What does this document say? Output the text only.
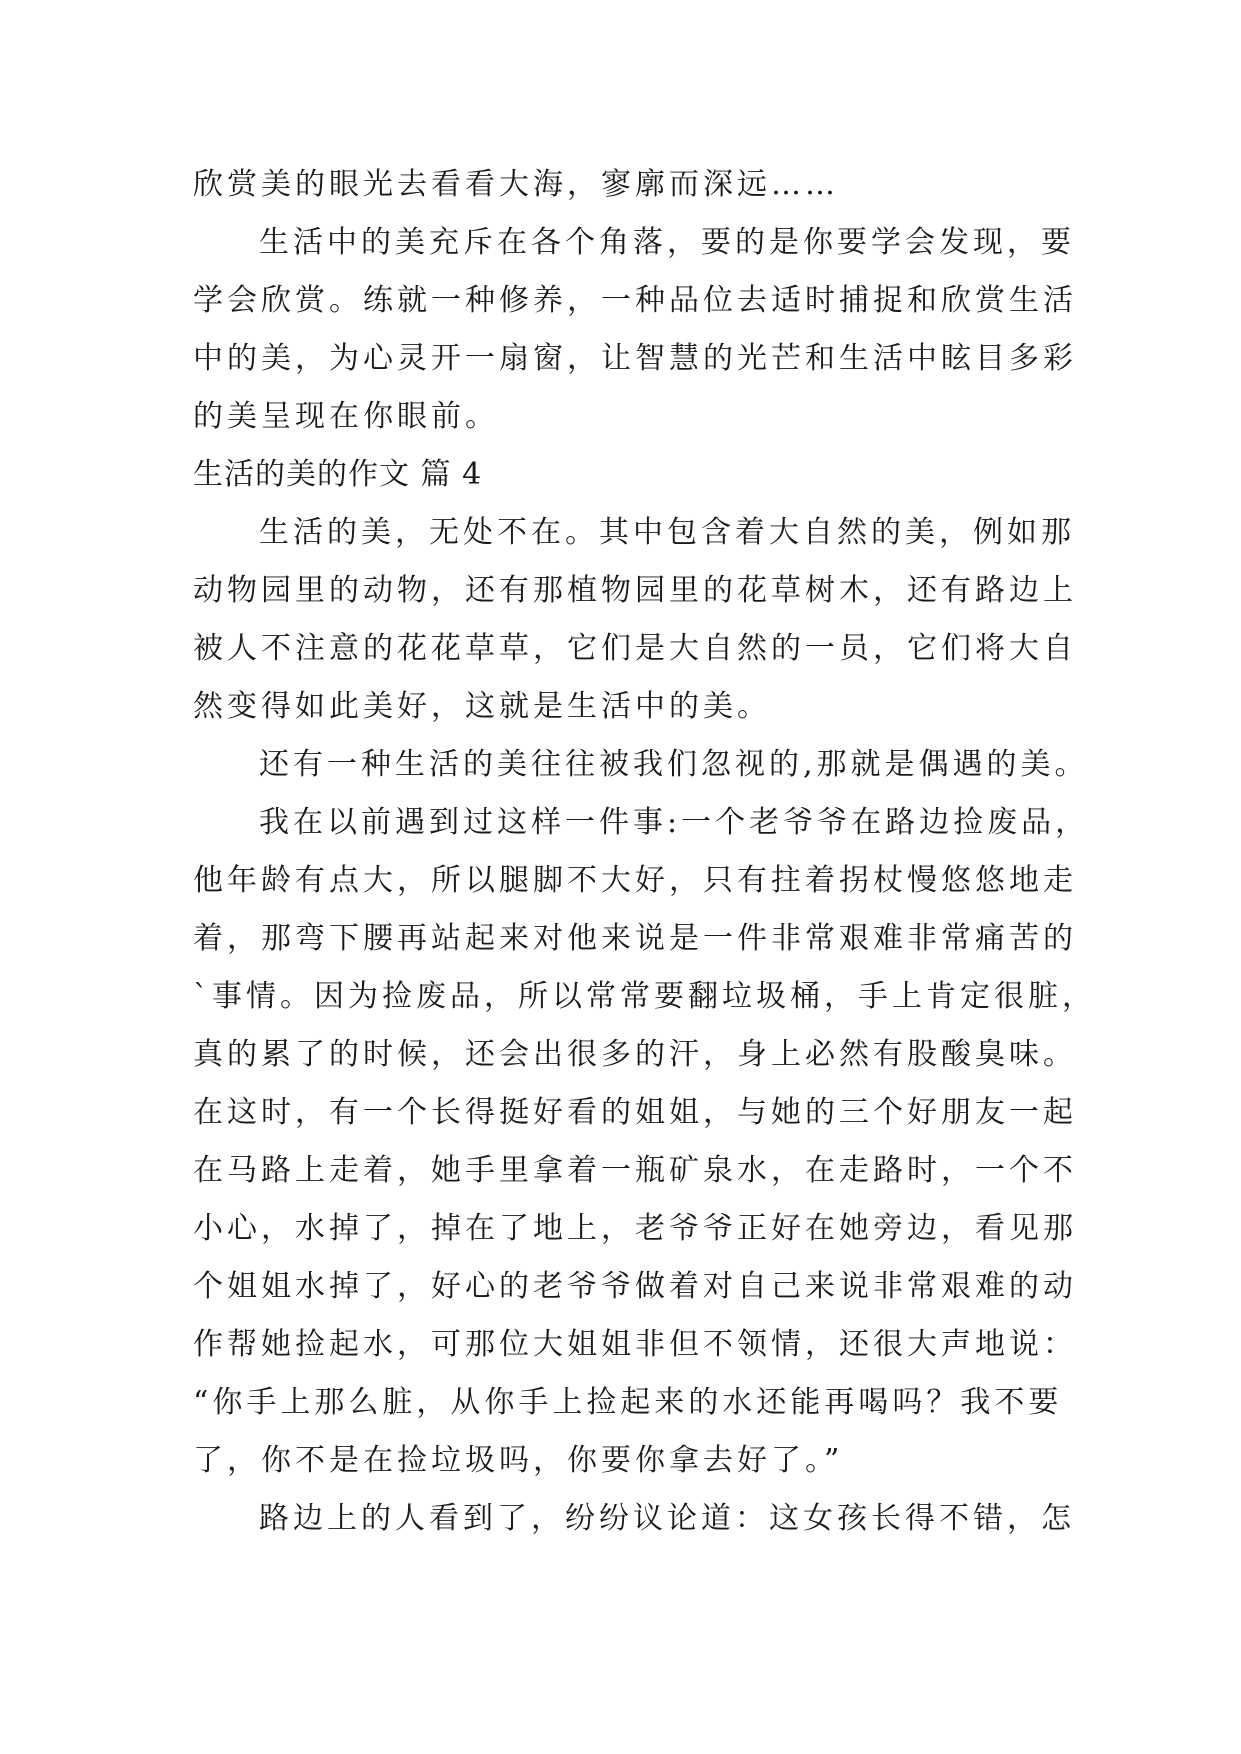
欣赏美的眼光去看看大海，寥廓而深远……
生活中的美充斥在各个角落，要的是你要学会发现，要
学会欣赏。练就一种修养，一种品位去适时捕捉和欣赏生活
中的美，为心灵开一扇窗，让智慧的光芒和生活中眩目多彩
的美呈现在你眼前。
生活的美的作文 篇 4
生活的美，无处不在。其中包含着大自然的美，例如那
动物园里的动物，还有那植物园里的花草树木，还有路边上
被人不注意的花花草草，它们是大自然的一员，它们将大自
然变得如此美好，这就是生活中的美。
还有一种生活的美往往被我们忽视的,那就是偶遇的美。
我在以前遇到过这样一件事:一个老爷爷在路边捡废品，
他年龄有点大，所以腿脚不大好，只有拄着拐杖慢悠悠地走
着，那弯下腰再站起来对他来说是一件非常艰难非常痛苦的
`事情。因为捡废品，所以常常要翻垃圾桶，手上肯定很脏，
真的累了的时候，还会出很多的汗，身上必然有股酸臭味。
在这时，有一个长得挺好看的姐姐，与她的三个好朋友一起
在马路上走着，她手里拿着一瓶矿泉水，在走路时，一个不
小心，水掉了，掉在了地上，老爷爷正好在她旁边，看见那
个姐姐水掉了，好心的老爷爷做着对自己来说非常艰难的动
作帮她捡起水，可那位大姐姐非但不领情，还很大声地说：
“你手上那么脏，从你手上捡起来的水还能再喝吗？我不要
了，你不是在捡垃圾吗，你要你拿去好了。”
路边上的人看到了，纷纷议论道：这女孩长得不错，怎
